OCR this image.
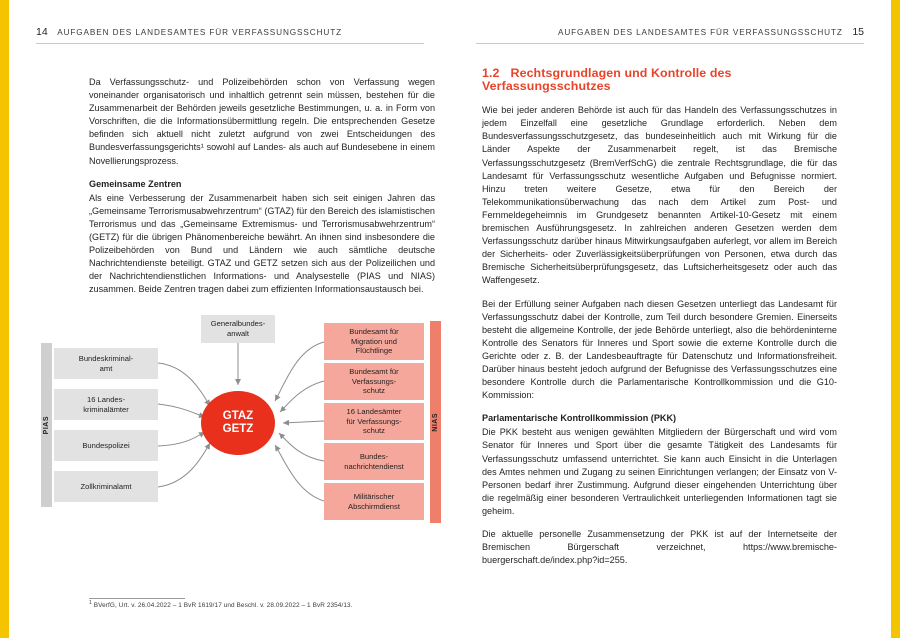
14 AUFGABEN DES LANDESAMTES FÜR VERFASSUNGSSCHUTZ

Da Verfassungsschutz- und Polizeibehörden schon von Verfassung wegen voneinander organisatorisch und inhaltlich getrennt sein müssen, bestehen für die Zusammenarbeit der Behörden jeweils gesetzliche Bestimmungen, u. a. in Form von Vorschriften, die die Informationsübermittlung regeln. Die entsprechenden Gesetze befinden sich aktuell nicht zuletzt aufgrund von zwei Entscheidungen des Bundesverfassungsgerichts¹ sowohl auf Landes- als auch auf Bundesebene in einem Novellierungsprozess.

Gemeinsame Zentren

Als eine Verbesserung der Zusammenarbeit haben sich seit einigen Jahren das „Gemeinsame Terrorismusabwehrzentrum“ (GTAZ) für den Bereich des islamistischen Terrorismus und das „Gemeinsame Extremismus- und Terrorismusabwehrzentrum“ (GETZ) für die übrigen Phänomenbereiche bewährt. An ihnen sind insbesondere die Polizeibehörden von Bund und Ländern wie auch sämtliche deutsche Nachrichtendienste beteiligt. GTAZ und GETZ setzen sich aus der Polizeilichen und der Nachrichtendienstlichen Informations- und Analysestelle (PIAS und NIAS) zusammen. Beide Zentren tragen dabei zum effizienten Informationsaustausch bei.

Generalbundes-
anwalt
PIAS	NIAS
Bundeskriminal-
amt
16 Landes-
kriminalämter
Bundespolizei
Zollkriminalamt
Bundesamt für
Migration und
Flüchtlinge
Bundesamt für
Verfassungs-
schutz
16 Landesämter
für Verfassungs-
schutz
Bundes-
nachrichtendienst
Militärischer
Abschirmdienst
GTAZ
GETZ
$^1$ BVerfG, Urt. v. 26.04.2022 – 1 BvR 1619/17 und Beschl. v. 28.09.2022 – 1 BvR 2354/13.
AUFGABEN DES LANDESAMTES FÜR VERFASSUNGSSCHUTZ 15
1.2 Rechtsgrundlagen und Kontrolle des Verfassungsschutzes

Wie bei jeder anderen Behörde ist auch für das Handeln des Verfassungsschutzes in jedem Einzelfall eine gesetzliche Grundlage erforderlich. Neben dem Bundesverfassungsschutzgesetz, das bundeseinheitlich auch mit Wirkung für die Länder Aspekte der Zusammenarbeit regelt, ist das Bremische Verfassungsschutzgesetz (BremVerfSchG) die zentrale Rechtsgrundlage, die für das Landesamt für Verfassungsschutz wesentliche Aufgaben und Befugnisse normiert. Hinzu treten weitere Gesetze, etwa für den Bereich der Telekommunikationsüberwachung das nach dem Artikel zum Post- und Fernmeldegeheimnis im Grundgesetz benannten Artikel-10-Gesetz mit einem bremischen Ausführungsgesetz. In zahlreichen anderen Gesetzen werden dem Verfassungsschutz darüber hinaus Mitwirkungsaufgaben auferlegt, vor allem im Bereich der Sicherheits- oder Zuverlässigkeitsüberprüfungen von Personen, etwa durch das Bremische Sicherheitsüberprüfungsgesetz, das Luftsicherheitsgesetz oder auch das Waffengesetz.

Bei der Erfüllung seiner Aufgaben nach diesen Gesetzen unterliegt das Landesamt für Verfassungsschutz dabei der Kontrolle, zum Teil durch besondere Gremien. Einerseits besteht die allgemeine Kontrolle, der jede Behörde unterliegt, also die behördeninterne Kontrolle des Senators für Inneres und Sport sowie die externe Kontrolle durch die Gerichte oder z. B. der Landesbeauftragte für Datenschutz und Informationsfreiheit. Darüber hinaus besteht jedoch aufgrund der Befugnisse des Verfassungsschutzes eine besondere Kontrolle durch die Parlamentarische Kontrollkommission und die G10-Kommission:

Parlamentarische Kontrollkommission (PKK)

Die PKK besteht aus wenigen gewählten Mitgliedern der Bürgerschaft und wird vom Senator für Inneres und Sport über die gesamte Tätigkeit des Landesamts für Verfassungsschutz umfassend unterrichtet. Sie kann auch Einsicht in die Unterlagen des Amtes nehmen und Zugang zu seinen Einrichtungen verlangen; der Einsatz von V-Personen bedarf ihrer Zustimmung. Aufgrund dieser eingehenden Unterrichtung über die regelmäßig einer besonderen Vertraulichkeit unterliegenden Informationen tagt sie geheim.

Die aktuelle personelle Zusammensetzung der PKK ist auf der Internetseite der Bremischen Bürgerschaft verzeichnet, https://www.bremische-buergerschaft.de/index.php?id=255.
